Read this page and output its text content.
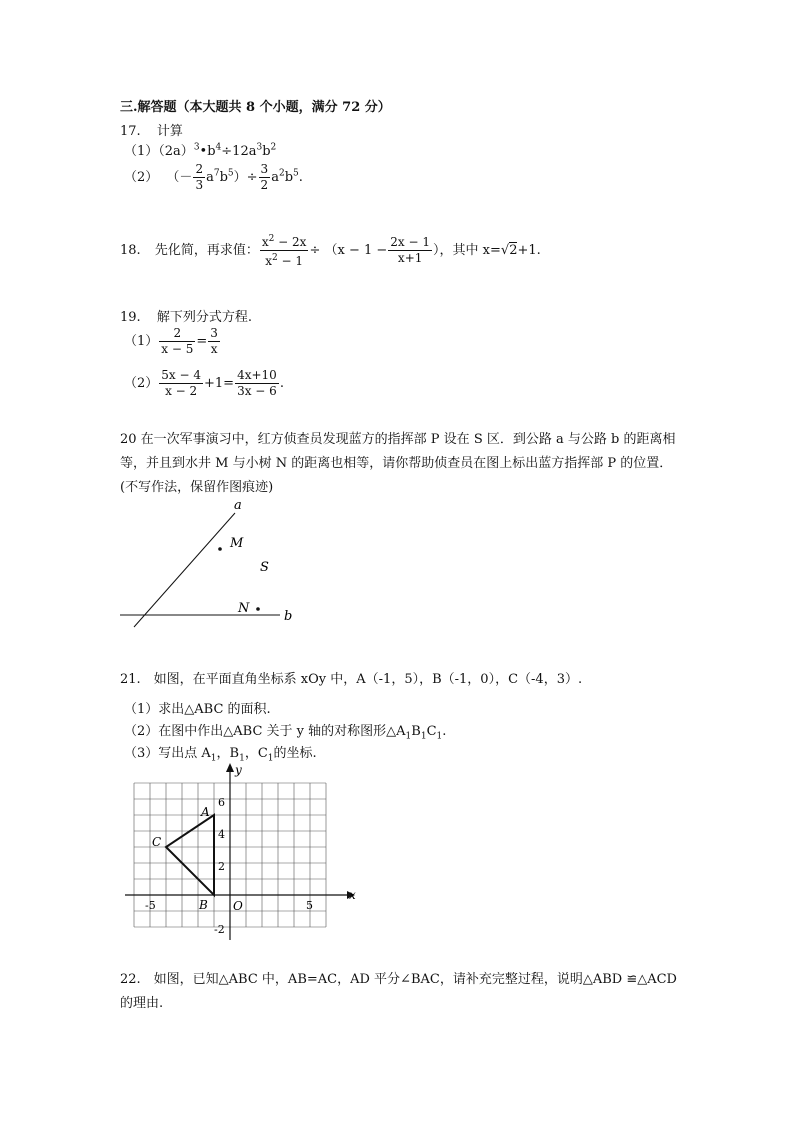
三.解答题（本大题共 8 个小题，满分 72 分）
17. 计算
$(1)(2a)^3•b^4\div 12a^3b^2$
（2） （－ $\frac{2}{3} a^7b^5)\div \frac{3}{2} a^2b^5$.
18. 先化简，再求值： $\frac{x^2 - 2x}{x^2 - 1} \div (x - 1 - \frac{2x - 1}{x+1}$ ），其中 x=√2+1.
19. 解下列分式方程.
$(1) \frac{2}{x - 5} = \frac{3}{x}$
$(2) \frac{5x - 4}{x - 2} +1= \frac{4x+10}{3x - 6}$ .
20 在一次军事演习中，红方侦查员发现蓝方的指挥部 P 设在 S 区．到公路 a 与公路 b 的距离相等，并且到水井 M 与小树 N 的距离也相等，请你帮助侦查员在图上标出蓝方指挥部 P 的位置．(不写作法，保留作图痕迹)
a
M
S
N
b
21.　如图，在平面直角坐标系 xOy 中，A（-1，5），B（-1，0），C（-4，3）.
（1）求出△ABC 的面积.
（2）在图中作出△ABC 关于 y 轴的对称图形$\triangle A_1B_1C_1$.
（3）写出点 $A_1$，$B_1$，$C_1$的坐标.
x
y
O
A
B
C
6
4
2
-2
-5	5
22.　如图，已知△ABC 中，AB=AC，AD 平分∠BAC，请补充完整过程，说明△ABD ≌△ACD 的理由.
